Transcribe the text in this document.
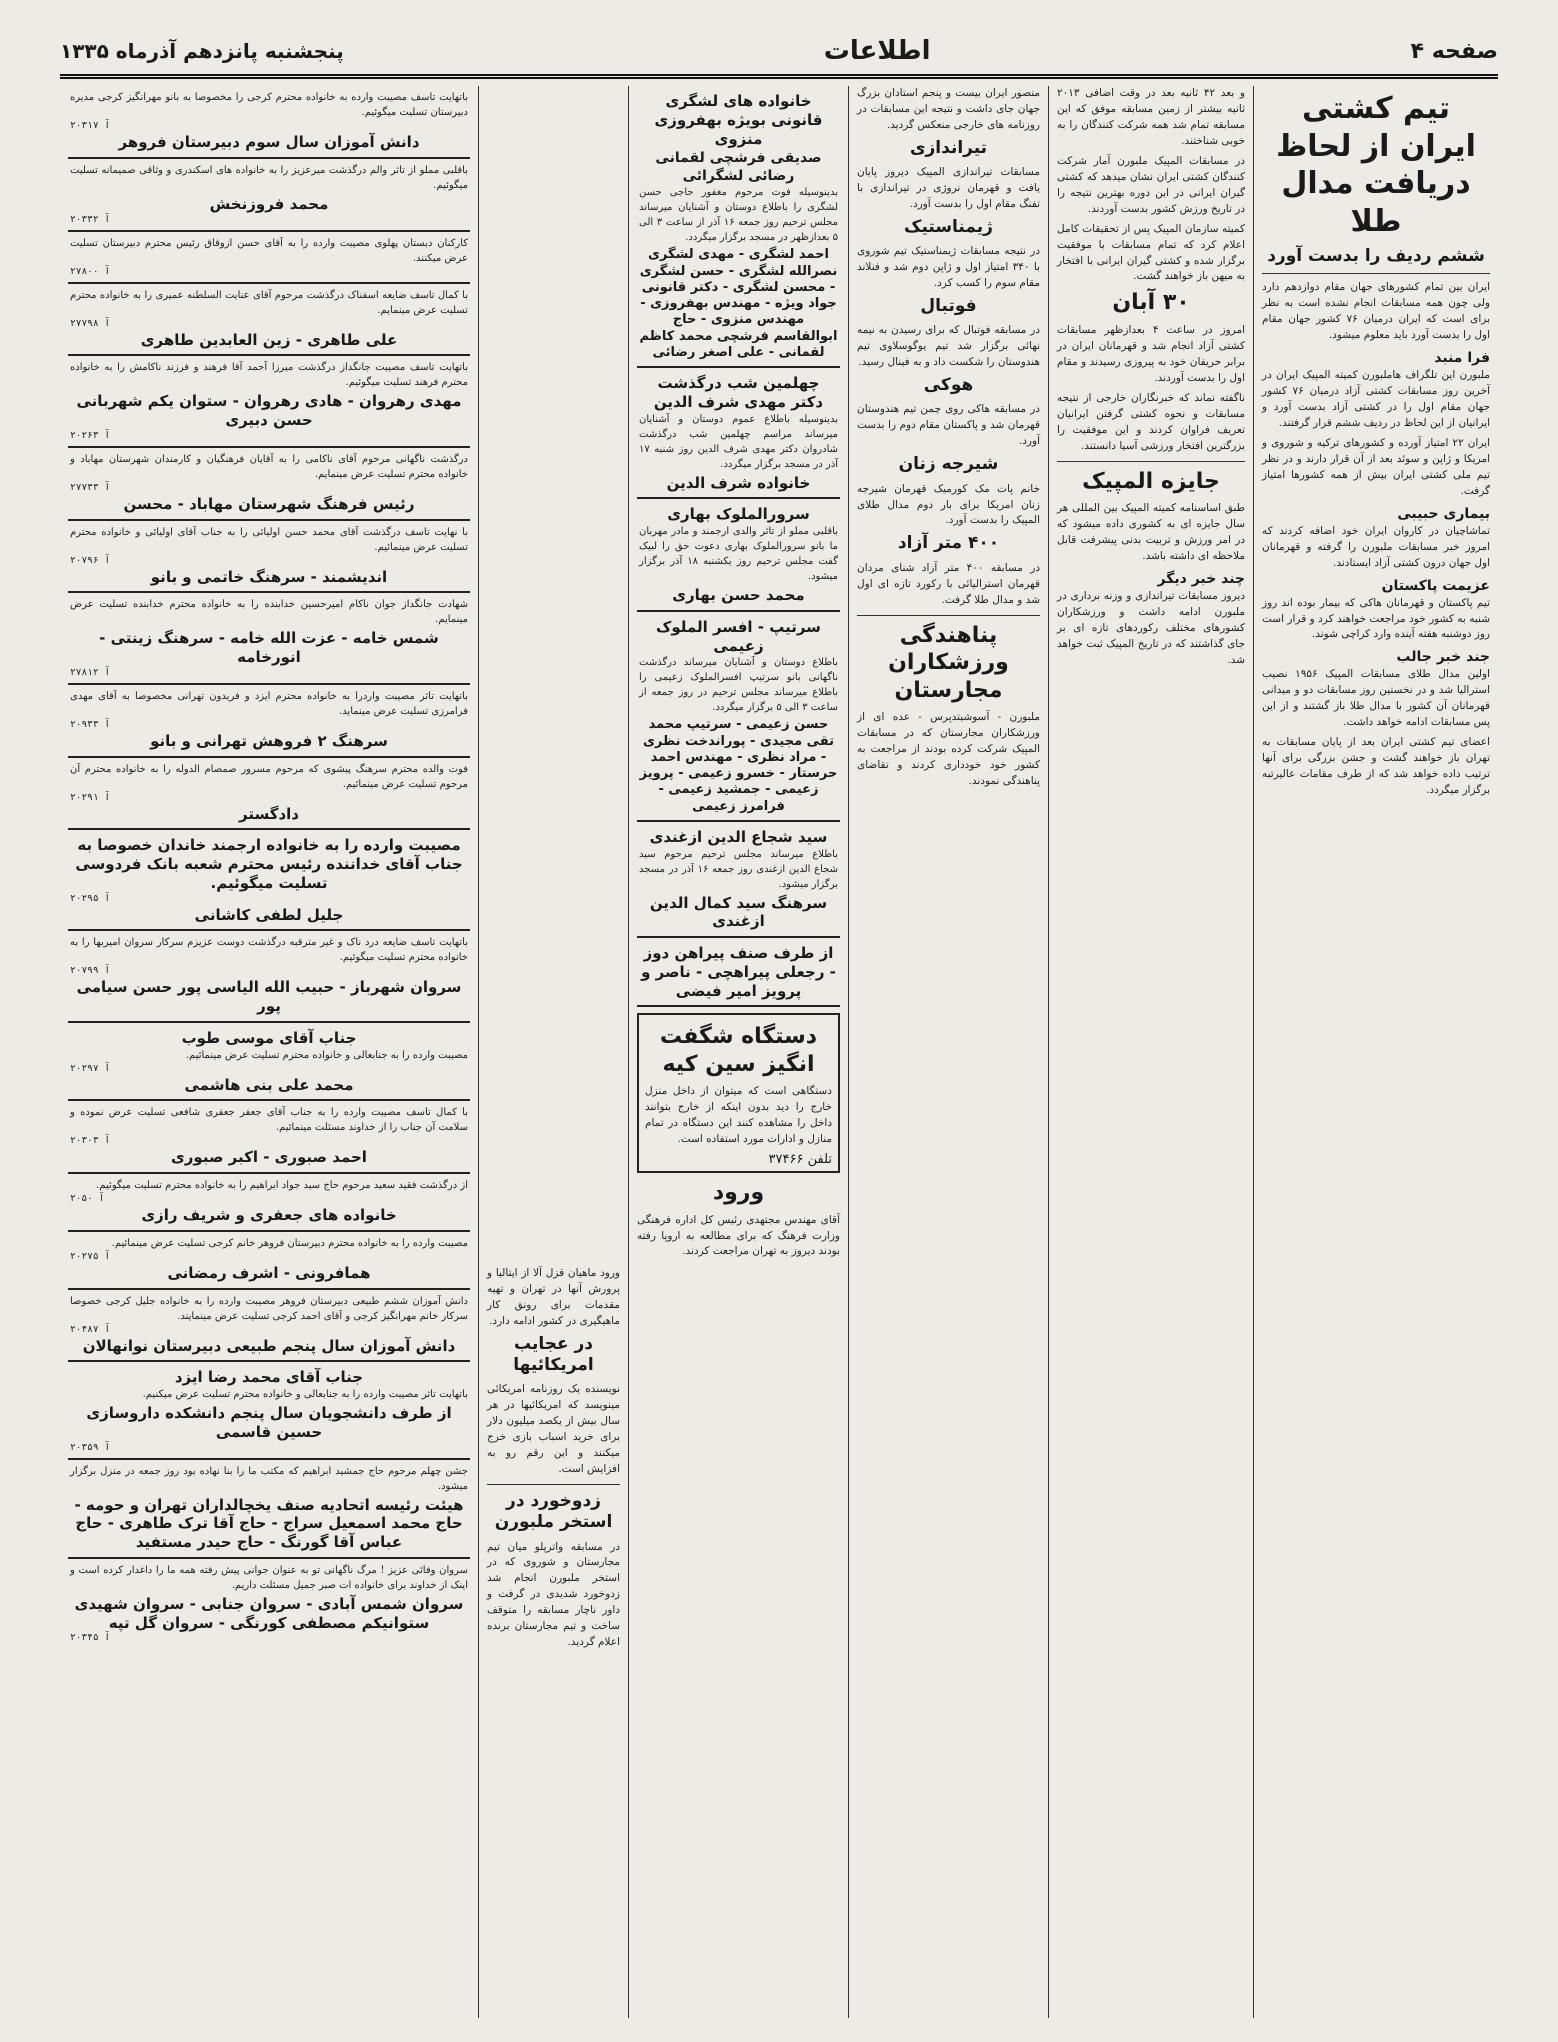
صفحه ۴
اطلاعات
پنجشنبه پانزدهم آذرماه ۱۳۳۵
تیم کشتی ایران از لحاظ دریافت مدال طلا
ششم ردیف را بدست آورد

ایران بین تمام کشورهای جهان مقام دوازدهم دارد ولی چون همه مسابقات انجام نشده است به نظر برای است که ایران درمیان ۷۶ کشور جهان مقام اول را بدست آورد باید معلوم میشود.

فرا منبد

ملبورن این تلگراف هاملبورن کمیته المپیک ایران در آخرین روز مسابقات کشتی آزاد درمیان ۷۶ کشور جهان مقام اول را در کشتی آزاد بدست آورد و ایرانیان از این لحاظ در ردیف ششم قرار گرفتند.

ایران ۲۲ امتیاز آورده و کشورهای ترکیه و شوروی و امریکا و ژاپن و سوئد بعد از آن قرار دارند و در نظر تیم ملی کشتی ایران بیش از همه کشورها امتیاز گرفت.

بیماری حبیبی

تماشاچیان در کاروان ایران خود اضافه کردند که امروز خبر مسابقات ملبورن را گرفته و قهرمانان اول جهان درون کشتی آزاد ایستادند.

عزیمت پاکستان

تیم پاکستان و قهرمانان هاکی که بیمار بوده اند روز شنبه به کشور خود مراجعت خواهند کرد و قرار است روز دوشنبه هفته آینده وارد کراچی شوند.

جند خبر جالب

اولین مدال طلای مسابقات المپیک ۱۹۵۶ نصیب استرالیا شد و در نخستین روز مسابقات دو و میدانی قهرمانان آن کشور با مدال طلا باز گشتند و از این پس مسابقات ادامه خواهد داشت.

اعضای تیم کشتی ایران بعد از پایان مسابقات به تهران باز خواهند گشت و جشن بزرگی برای آنها ترتیب داده خواهد شد که از طرف مقامات عالیرتبه برگزار میگردد.

و بعد ۴۲ ثانیه بعد در وقت اضافی ۲۰۱۳ ثانیه بیشتر از زمین مسابقه موفق که این مسابقه تمام شد همه شرکت کنندگان را به خوبی شناختند.

در مسابقات المپیک ملبورن آمار شرکت کنندگان کشتی ایران نشان میدهد که کشتی گیران ایرانی در این دوره بهترین نتیجه را در تاریخ ورزش کشور بدست آوردند.

کمیته سازمان المپیک پس از تحقیقات کامل اعلام کرد که تمام مسابقات با موفقیت برگزار شده و کشتی گیران ایرانی با افتخار به میهن باز خواهند گشت.

۳۰ آبان

امروز در ساعت ۴ بعدازظهر مسابقات کشتی آزاد انجام شد و قهرمانان ایران در برابر حریفان خود به پیروزی رسیدند و مقام اول را بدست آوردند.

ناگفته نماند که خبرنگاران خارجی از نتیجه مسابقات و نحوه کشتی گرفتن ایرانیان تعریف فراوان کردند و این موفقیت را بزرگترین افتخار ورزشی آسیا دانستند.

جایزه المپیک

طبق اساسنامه کمیته المپیک بین المللی هر سال جایزه ای به کشوری داده میشود که در امر ورزش و تربیت بدنی پیشرفت قابل ملاحظه ای داشته باشد.

چند خبر دیگر

دیروز مسابقات تیراندازی و وزنه برداری در ملبورن ادامه داشت و ورزشکاران کشورهای مختلف رکوردهای تازه ای بر جای گذاشتند که در تاریخ المپیک ثبت خواهد شد.

منصور ایران بیست و پنجم استادان بزرگ جهان جای داشت و نتیجه این مسابقات در روزنامه های خارجی منعکس گردید.

تیراندازی

مسابقات تیراندازی المپیک دیروز پایان یافت و قهرمان نروژی در تیراندازی با تفنگ مقام اول را بدست آورد.

ژیمناستیک

در نتیجه مسابقات ژیمناستیک تیم شوروی با ۳۴۰ امتیاز اول و ژاپن دوم شد و فنلاند مقام سوم را کسب کرد.

فوتبال

در مسابقه فوتبال که برای رسیدن به نیمه نهائی برگزار شد تیم یوگوسلاوی تیم هندوستان را شکست داد و به فینال رسید.

هوکی

در مسابقه هاکی روی چمن تیم هندوستان قهرمان شد و پاکستان مقام دوم را بدست آورد.

شیرجه زنان

خانم پات مک کورمیک قهرمان شیرجه زنان امریکا برای بار دوم مدال طلای المپیک را بدست آورد.

۴۰۰ متر آزاد

در مسابقه ۴۰۰ متر آزاد شنای مردان قهرمان استرالیائی با رکورد تازه ای اول شد و مدال طلا گرفت.

پناهندگی ورزشکاران مجارستان

ملبورن - آسوشیتدپرس - عده ای از ورزشکاران مجارستان که در مسابقات المپیک شرکت کرده بودند از مراجعت به کشور خود خودداری کردند و تقاضای پناهندگی نمودند.

خانواده های لشگری قانونی بویژه بهفروزی منزوی
صدیقی فرشچی لقمانی رضائی لشگرائی

بدینوسیله فوت مرحوم مغفور حاجی حسن لشگری را باطلاع دوستان و آشنایان میرساند مجلس ترحیم روز جمعه ۱۶ آذر از ساعت ۳ الی ۵ بعدازظهر در مسجد برگزار میگردد.

احمد لشگری - مهدی لشگری نصرالله لشگری - حسن لشگری - محسن لشگری - دکتر قانونی جواد ویژه - مهندس بهفروزی - مهندس منزوی - حاج ابوالقاسم فرشچی محمد کاظم لقمانی - علی اصغر رضائی
چهلمین شب درگذشت دکتر مهدی شرف الدین

بدینوسیله باطلاع عموم دوستان و آشنایان میرساند مراسم چهلمین شب درگذشت شادروان دکتر مهدی شرف الدین روز شنبه ۱۷ آذر در مسجد برگزار میگردد.

خانواده شرف الدین
سرورالملوک بهاری

باقلبی مملو از تاثر والدی ارجمند و مادر مهربان ما بانو سرورالملوک بهاری دعوت حق را لبیک گفت مجلس ترحیم روز یکشنبه ۱۸ آذر برگزار میشود.

محمد حسن بهاری
سرتیپ - افسر الملوک زعیمی

باطلاع دوستان و آشنایان میرساند درگذشت ناگهانی بانو سرتیپ افسرالملوک زعیمی را باطلاع میرساند مجلس ترحیم در روز جمعه از ساعت ۳ الی ۵ برگزار میگردد.

حسن زعیمی - سرتیپ محمد تقی مجیدی - پوراندخت نظری - مراد نظری - مهندس احمد حرستار - خسرو زعیمی - پرویز زعیمی - جمشید زعیمی - فرامرز زعیمی
سید شجاع الدین ازغندی

باطلاع میرساند مجلس ترحیم مرحوم سید شجاع الدین ازغندی روز جمعه ۱۶ آذر در مسجد برگزار میشود.

سرهنگ سید کمال الدین ازغندی
از طرف صنف پیراهن دوز - رجعلی پیراهچی - ناصر و پرویز امیر فیضی
دستگاه شگفت انگیز سین کیه

دستگاهی است که میتوان از داخل منزل خارج را دید بدون اینکه از خارج بتوانند داخل را مشاهده کنند این دستگاه در تمام منازل و ادارات مورد استفاده است.

تلفن ۳۷۴۶۶
ورود

آقای مهندس مجتهدی رئیس کل اداره فرهنگی وزارت فرهنگ که برای مطالعه به اروپا رفته بودند دیروز به تهران مراجعت کردند.

ورود ماهیان قزل آلا از ایتالیا و پرورش آنها در تهران و تهیه مقدمات برای رونق کار ماهیگیری در کشور ادامه دارد.

در عجایب امریکائیها

نویسنده یک روزنامه امریکائی مینویسد که امریکائیها در هر سال بیش از یکصد میلیون دلار برای خرید اسباب بازی خرج میکنند و این رقم رو به افزایش است.

زدوخورد در استخر ملبورن

در مسابقه واترپلو میان تیم مجارستان و شوروی که در استخر ملبورن انجام شد زدوخورد شدیدی در گرفت و داور ناچار مسابقه را متوقف ساخت و تیم مجارستان برنده اعلام گردید.

باتهایت تاسف مصیبت وارده به خانواده محترم کرجی را مخصوصا به بانو مهرانگیز کرجی مدیره دبیرستان تسلیت میگوئیم.

۲۰۳۱۷ آ

دانش آموزان سال سوم دبیرستان فروهر

باقلبی مملو از تاثر والم درگذشت میرعزیز را به خانواده های اسکندری و وثاقی صمیمانه تسلیت میگوئیم.

محمد فروزنخش

۲۰۳۳۲ آ

کارکنان دبستان پهلوی مصیبت وارده را به آقای حسن ازوقاق رئیس محترم دبیرستان تسلیت عرض میکنند.

۲۷۸۰۰ آ

با کمال تاسف ضایعه اسفناک درگذشت مرحوم آقای عنایت السلطنه عمیری را به خانواده محترم تسلیت عرض مینمایم.

۲۷۷۹۸ آ

علی طاهری - زین العابدین طاهری

باتهایت تاسف مصیبت جانگداز درگذشت میرزا آحمد آقا فرهند و فرزند ناکامش را به خانواده محترم فرهند تسلیت میگوئیم.

مهدی رهروان - هادی رهروان - ستوان یکم شهربانی حسن دبیری

۲۰۲۶۳ آ

درگذشت ناگهانی مرحوم آقای ناکامی را به آقایان فرهنگیان و کارمندان شهرستان مهاباد و خانواده محترم تسلیت عرض مینمایم.

۲۷۷۳۳ آ

رئیس فرهنگ شهرستان مهاباد - محسن

با نهایت تاسف درگذشت آقای محمد حسن اولیائی را به جناب آقای اولیائی و خانواده محترم تسلیت عرض مینمائیم.

۲۰۷۹۶ آ

اندیشمند - سرهنگ خاتمی و بانو

شهادت جانگداز جوان ناکام امیرحسین خدابنده را به خانواده محترم خدابنده تسلیت عرض مینمایم.

شمس خامه - عزت الله خامه - سرهنگ زینتی - انورخامه

۲۷۸۱۲ آ

باتهایت تاثر مصیبت واردرا به خانواده محترم ایزد و فریدون تهرانی مخصوصا به آقای مهدی فرامرزی تسلیت عرض مینماید.

۲۰۹۳۳ آ

سرهنگ ۲ فروهش تهرانی و بانو

فوت والده محترم سرهنگ پیشوی که مرحوم مسرور صمصام الدوله را به خانواده محترم آن مرحوم تسلیت عرض مینمائیم.

۲۰۲۹۱ آ

دادگستر
مصیبت وارده را به خانواده ارجمند خاندان خصوصا به جناب آقای خداننده رئیس محترم شعبه بانک فردوسی تسلیت میگوئیم.

۲۰۲۹۵ آ

جلیل لطفی کاشانی

باتهایت تاسف ضایعه درد ناک و غیر مترقبه درگذشت دوست عزیزم سرکار سروان امیربها را به خانواده محترم تسلیت میگوئیم.

۲۰۷۹۹ آ

سروان شهرباز - حبیب الله الیاسی پور حسن سیامی پور
جناب آقای موسی طوب

مصیبت وارده را به جنابعالی و خانواده محترم تسلیت عرض مینمائیم.

۲۰۲۹۷ آ

محمد علی بنی هاشمی

با کمال تاسف مصیبت وارده را به جناب آقای جعفر جعفری شافعی تسلیت عرض نموده و سلامت آن جناب را از خداوند مسئلت مینمائیم.

۲۰۳۰۳ آ

احمد صبوری - اکبر صبوری

از درگذشت فقید سعید مرحوم حاج سید جواد ابراهیم را به خانواده محترم تسلیت میگوئیم.

۲۰۵۰ آ

خانواده های جعفری و شریف رازی

مصیبت وارده را به خانواده محترم دبیرستان فروهر خانم کرجی تسلیت عرض مینمائیم.

۲۰۲۷۵ آ

همافرونی - اشرف رمضانی

دانش آموزان ششم طبیعی دبیرستان فروهر مصیبت وارده را به خانواده جلیل کرجی خصوصا سرکار خانم مهرانگیز کرجی و آقای احمد کرجی تسلیت عرض مینمایند.

۲۰۴۸۷ آ

دانش آموزان سال پنجم طبیعی دبیرستان نوانهالان
جناب آقای محمد رضا ایزد

باتهایت تاثر مصیبت وارده را به جنابعالی و خانواده محترم تسلیت عرض میکنیم.

از طرف دانشجویان سال پنجم دانشکده داروسازی حسین قاسمی

۲۰۳۵۹ آ

جشن چهلم مرحوم حاج جمشید ابراهیم که مکتب ما را بنا نهاده بود روز جمعه در منزل برگزار میشود.

هیئت رئیسه اتحادیه صنف یخچالداران تهران و حومه - حاج محمد اسمعیل سراج - حاج آقا ترک طاهری - حاج عباس آقا گورنگ - حاج حیدر مستفید

سروان وفائی عزیز ! مرگ ناگهانی تو به عنوان جوانی پیش رفته همه ما را داغدار کرده است و اینک از خداوند برای خانواده ات صبر جمیل مسئلت داریم.

سروان شمس آبادی - سروان جنابی - سروان شهیدی ستوانیکم مصطفی کورنگی - سروان گل تپه

۲۰۳۴۵ آ
